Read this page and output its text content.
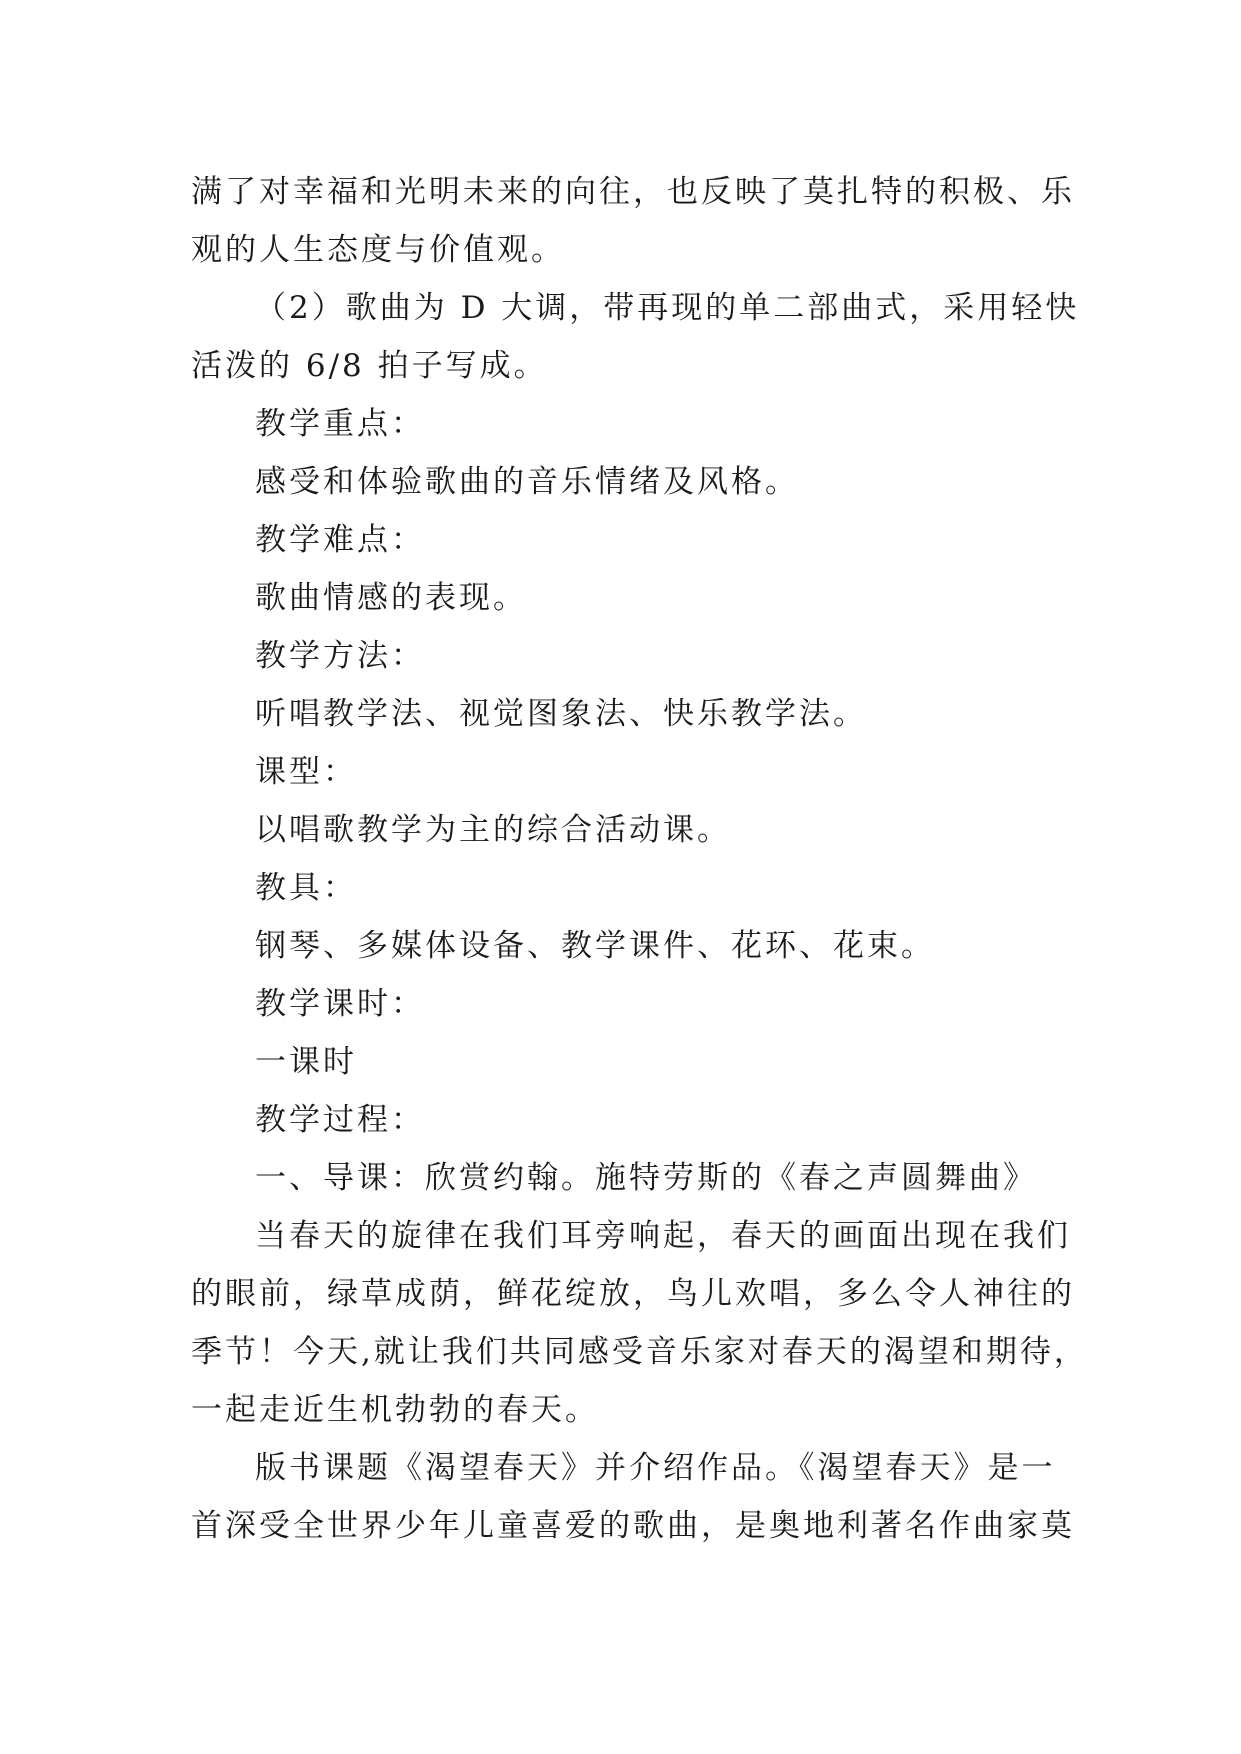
满了对幸福和光明未来的向往，也反映了莫扎特的积极、乐
观的人生态度与价值观。
（2）歌曲为 D 大调，带再现的单二部曲式，采用轻快
活泼的 6/8 拍子写成。
教学重点：
感受和体验歌曲的音乐情绪及风格。
教学难点：
歌曲情感的表现。
教学方法：
听唱教学法、视觉图象法、快乐教学法。
课型：
以唱歌教学为主的综合活动课。
教具：
钢琴、多媒体设备、教学课件、花环、花束。
教学课时：
一课时
教学过程：
一、导课：欣赏约翰。施特劳斯的《春之声圆舞曲》
当春天的旋律在我们耳旁响起，春天的画面出现在我们
的眼前，绿草成荫，鲜花绽放，鸟儿欢唱，多么令人神往的
季节！今天,就让我们共同感受音乐家对春天的渴望和期待，
一起走近生机勃勃的春天。
版书课题《渴望春天》并介绍作品。《渴望春天》是一
首深受全世界少年儿童喜爱的歌曲，是奥地利著名作曲家莫
